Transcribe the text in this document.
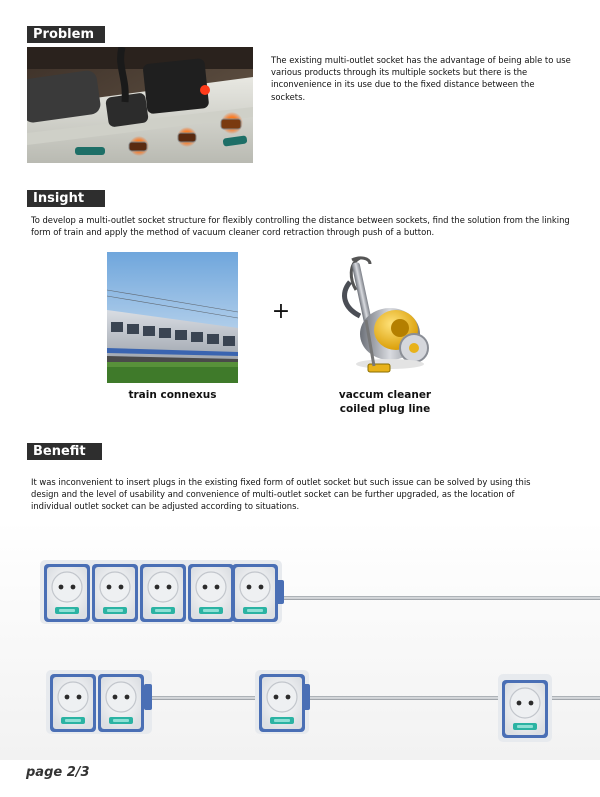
Problem

The existing multi-outlet socket has the advantage of being able to use various products through its multiple sockets but there is the inconvenience in its use due to the fixed distance between the sockets.

Insight

To develop a multi-outlet socket structure for flexibly controlling the distance between sockets, find the solution from the linking form of train and apply the method of vacuum cleaner cord retraction through push of a button.

+
train connexus	vaccum cleaner
coiled plug line
Benefit

It was inconvenient to insert plugs in the existing fixed form of outlet socket but such issue can be solved by using this design and the level of usability and convenience of multi-outlet socket can be further upgraded, as the location of individual outlet socket can be adjusted according to situations.

page 2/3
